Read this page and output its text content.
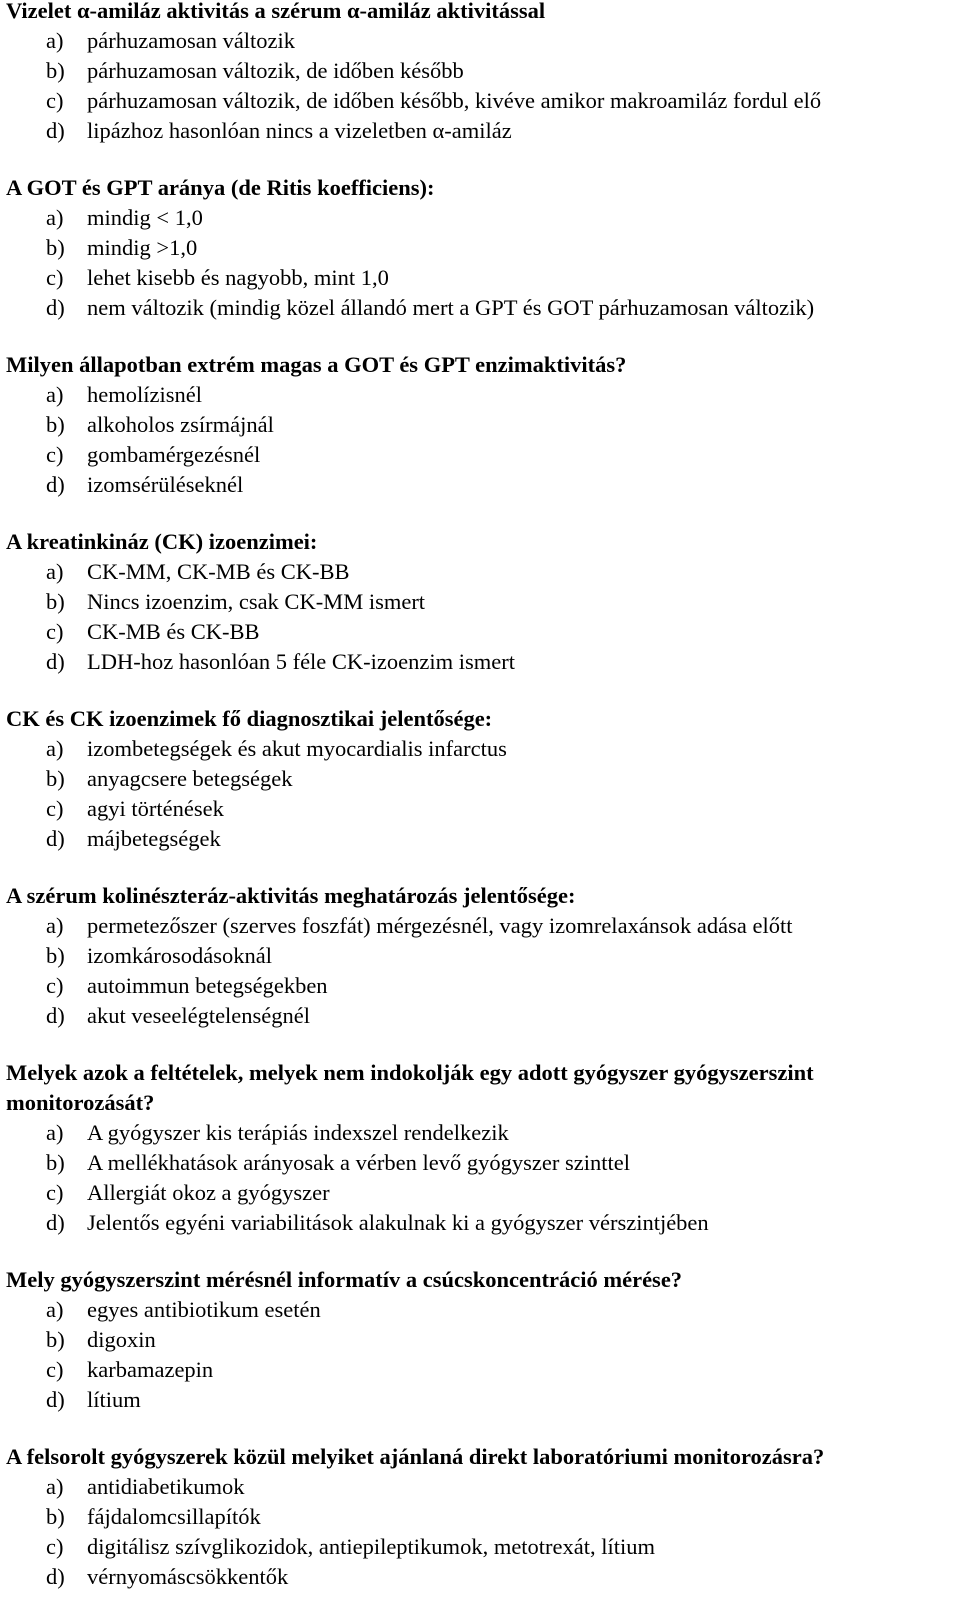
Vizelet α-amiláz aktivitás a szérum α-amiláz aktivitással
a)	párhuzamosan változik
b) párhuzamosan változik, de időben később
c)	párhuzamosan változik, de időben később, kivéve amikor makroamiláz fordul elő
d) lipázhoz hasonlóan nincs a vizeletben α-amiláz
A GOT és GPT aránya (de Ritis koefficiens):
a)	mindig < 1,0
b) mindig >1,0
c)	lehet kisebb és nagyobb, mint 1,0
d) nem változik (mindig közel állandó mert a GPT és GOT párhuzamosan változik)
Milyen állapotban extrém magas a GOT és GPT enzimaktivitás?
a)	hemolízisnél
b) alkoholos zsírmájnál
c)	gombamérgezésnél
d) izomsérüléseknél
A kreatinkináz (CK) izoenzimei:
a)	CK-MM, CK-MB és CK-BB
b) Nincs izoenzim, csak CK-MM ismert
c)	CK-MB és CK-BB
d) LDH-hoz hasonlóan 5 féle CK-izoenzim ismert
CK és CK izoenzimek fő diagnosztikai jelentősége:
a)	izombetegségek és akut myocardialis infarctus
b) anyagcsere betegségek
c)	agyi történések
d) májbetegségek
A szérum kolinészteráz-aktivitás meghatározás jelentősége:
a)	permetezőszer (szerves foszfát) mérgezésnél, vagy izomrelaxánsok adása előtt
b) izomkárosodásoknál
c)	autoimmun betegségekben
d) akut veseelégtelenségnél
Melyek azok a feltételek, melyek nem indokolják egy adott gyógyszer gyógyszerszint monitorozását?
a)	A gyógyszer kis terápiás indexszel rendelkezik
b) A mellékhatások arányosak a vérben levő gyógyszer szinttel
c)	Allergiát okoz a gyógyszer
d) Jelentős egyéni variabilitások alakulnak ki a gyógyszer vérszintjében
Mely gyógyszerszint mérésnél informatív a csúcskoncentráció mérése?
a)	egyes antibiotikum esetén
b) digoxin
c)	karbamazepin
d) lítium
A felsorolt gyógyszerek közül melyiket ajánlaná direkt laboratóriumi monitorozásra?
a)	antidiabetikumok
b) fájdalomcsillapítók
c)	digitálisz szívglikozidok, antiepileptikumok, metotrexát, lítium
d) vérnyomáscsökkentők
